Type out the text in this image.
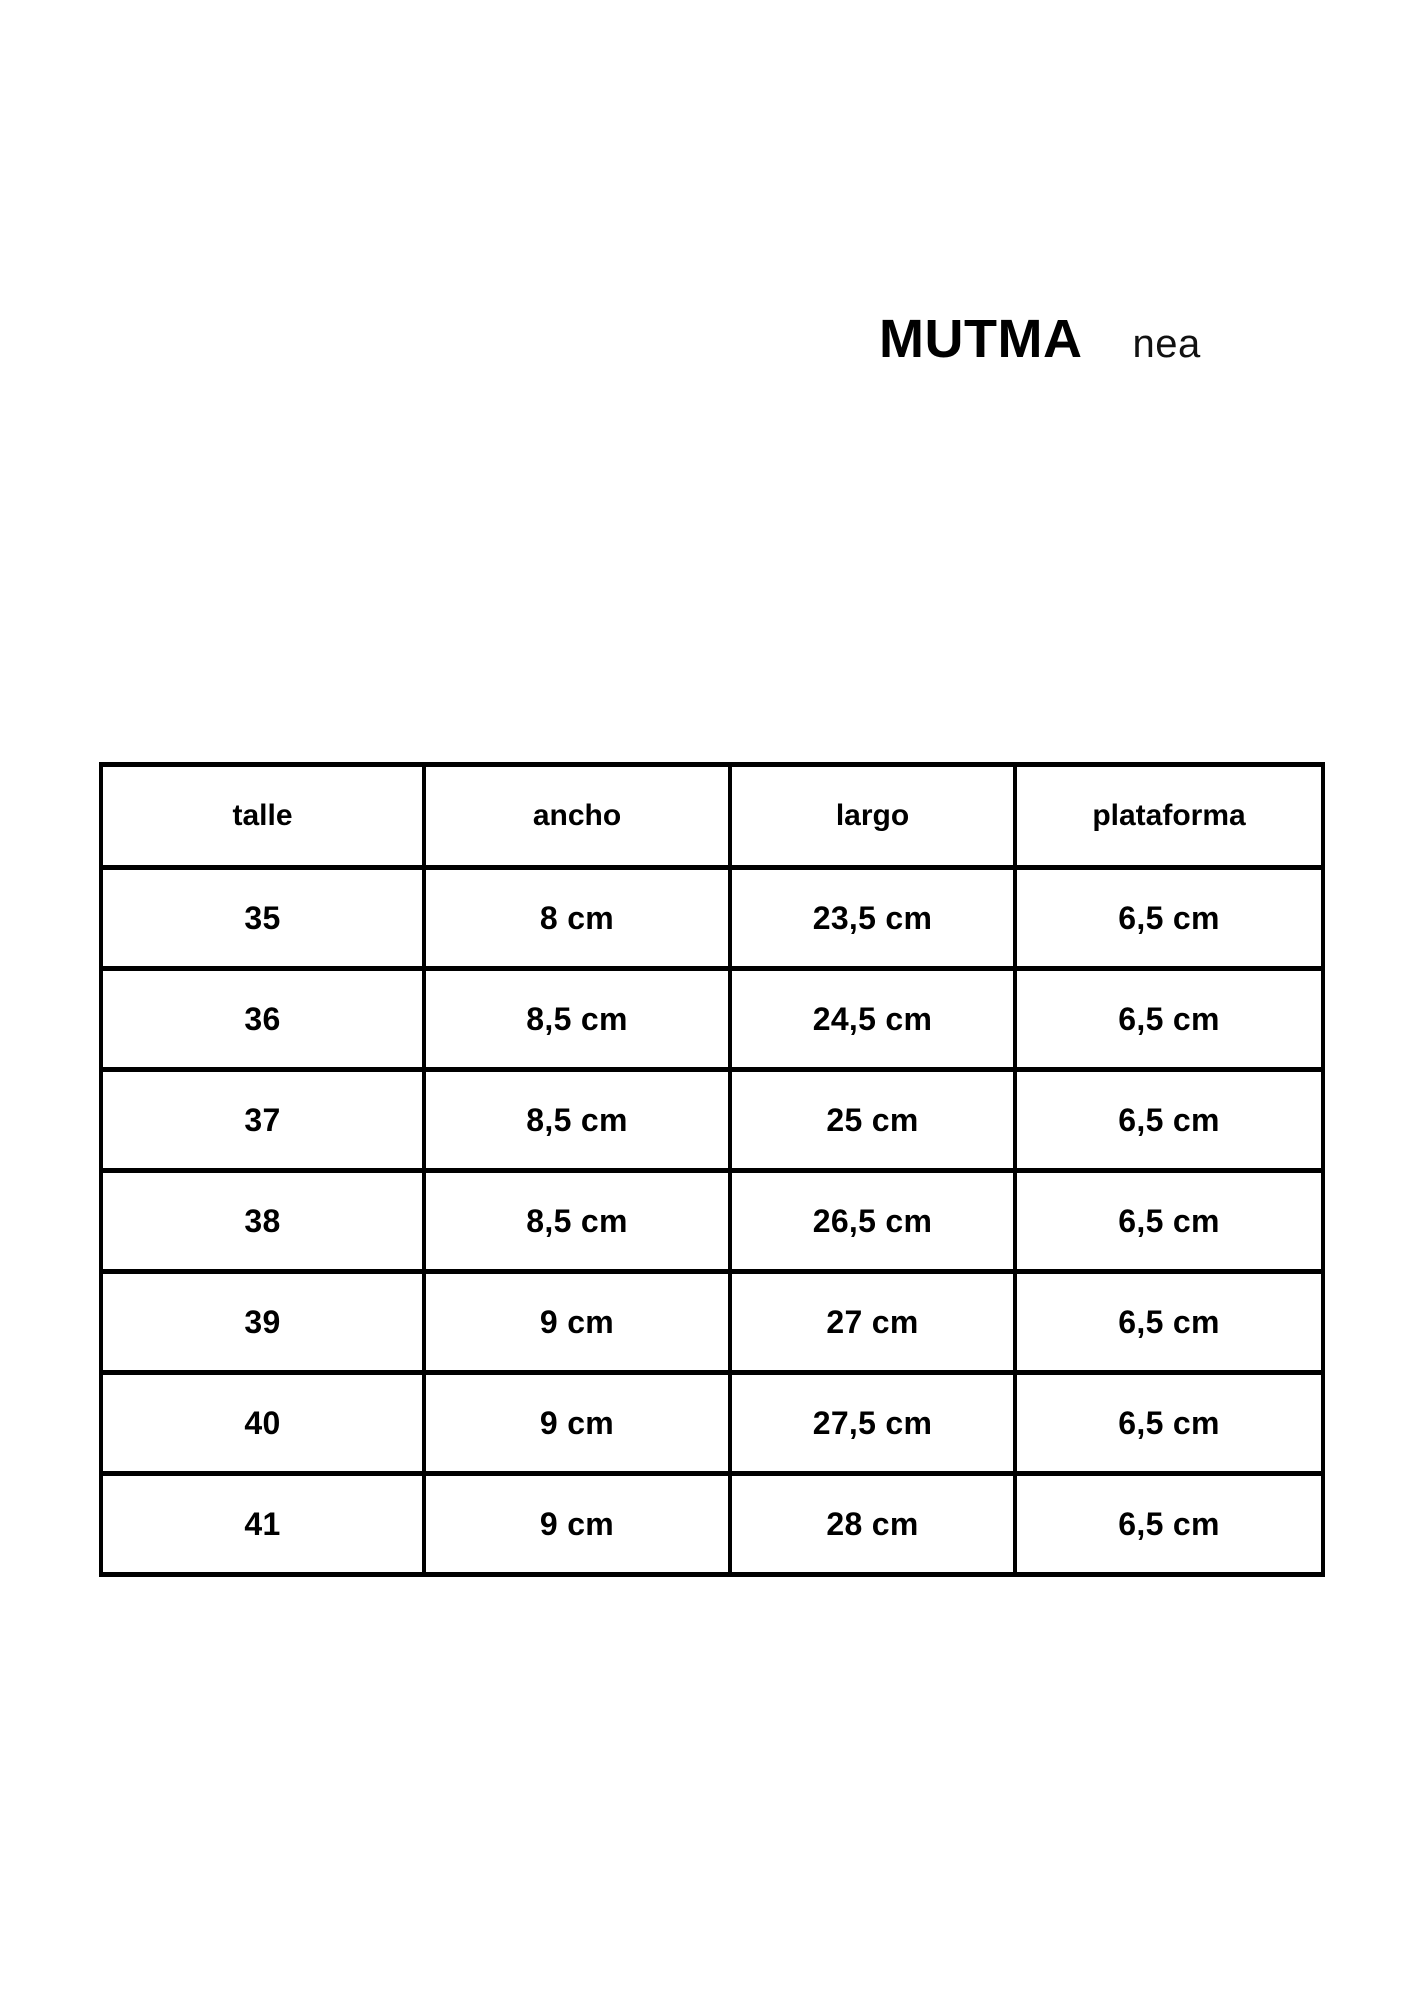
MUTMA nea
talle	ancho	largo	plataforma
35	8 cm	23,5 cm	6,5 cm
36	8,5 cm	24,5 cm	6,5 cm
37	8,5 cm	25 cm	6,5 cm
38	8,5 cm	26,5 cm	6,5 cm
39	9 cm	27 cm	6,5 cm
40	9 cm	27,5 cm	6,5 cm
41	9 cm	28 cm	6,5 cm
